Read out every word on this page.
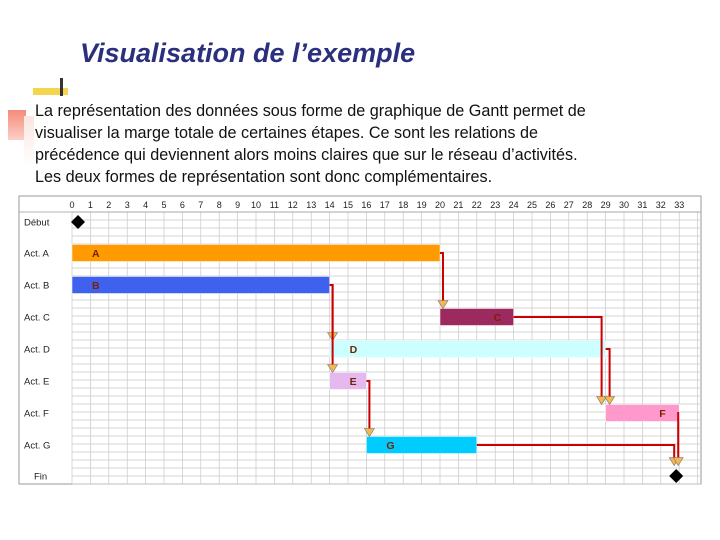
Visualisation de l’exemple
La représentation des données sous forme de graphique de Gantt permet de
visualiser la marge totale de certaines étapes. Ce sont les relations de
précédence qui deviennent alors moins claires que sur le réseau d’activités.
Les deux formes de représentation sont donc complémentaires.
0 1 2 3 4 5 6 7 8 9 10 11 12 13 14 15 16 17 18 19 20 21 22 23 24 25 26 27 28 29 30 31 32 33
Début
Act. A
Act. B
Act. C
Act. D
Act. E
Act. F
Act. G
Fin
A
B
C
D
E
F
G
